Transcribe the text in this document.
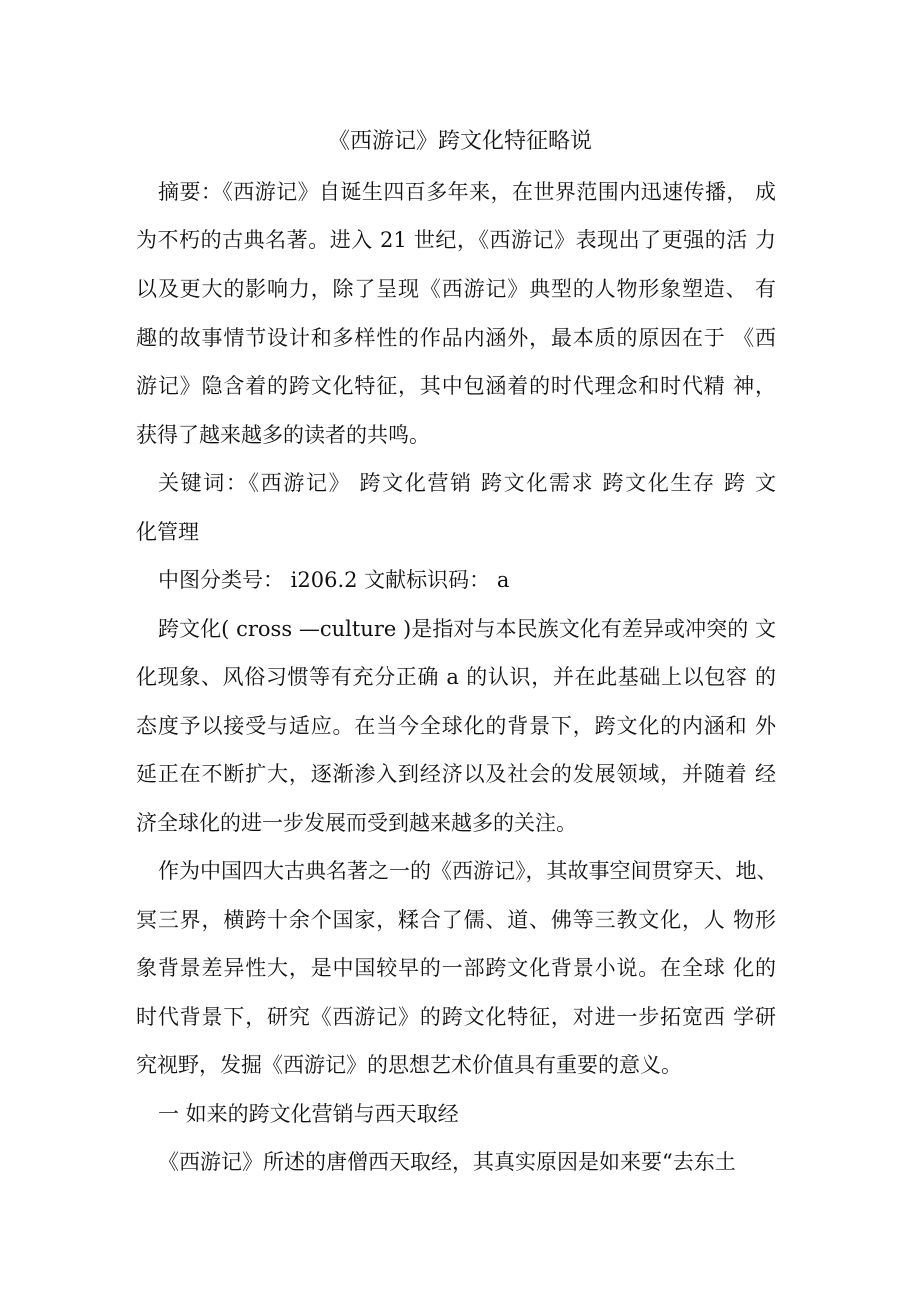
《西游记》跨文化特征略说
摘要：《西游记》自诞生四百多年来，在世界范围内迅速传播， 成
为不朽的古典名著。进入 21 世纪，《西游记》表现出了更强的活 力
以及更大的影响力，除了呈现《西游记》典型的人物形象塑造、 有
趣的故事情节设计和多样性的作品内涵外，最本质的原因在于 《西
游记》隐含着的跨文化特征，其中包涵着的时代理念和时代精 神，
获得了越来越多的读者的共鸣。
关键词：《西游记》 跨文化营销 跨文化需求 跨文化生存 跨 文
化管理
中图分类号： i206.2 文献标识码： a
跨文化( cross —culture )是指对与本民族文化有差异或冲突的 文
化现象、风俗习惯等有充分正确 a 的认识，并在此基础上以包容 的
态度予以接受与适应。在当今全球化的背景下，跨文化的内涵和 外
延正在不断扩大，逐渐渗入到经济以及社会的发展领域，并随着 经
济全球化的进一步发展而受到越来越多的关注。
作为中国四大古典名著之一的《西游记》，其故事空间贯穿天、地、
冥三界，横跨十余个国家，糅合了儒、道、佛等三教文化，人 物形
象背景差异性大，是中国较早的一部跨文化背景小说。在全球 化的
时代背景下，研究《西游记》的跨文化特征，对进一步拓宽西 学研
究视野，发掘《西游记》的思想艺术价值具有重要的意义。
一 如来的跨文化营销与西天取经
《西游记》所述的唐僧西天取经，其真实原因是如来要“去东土
